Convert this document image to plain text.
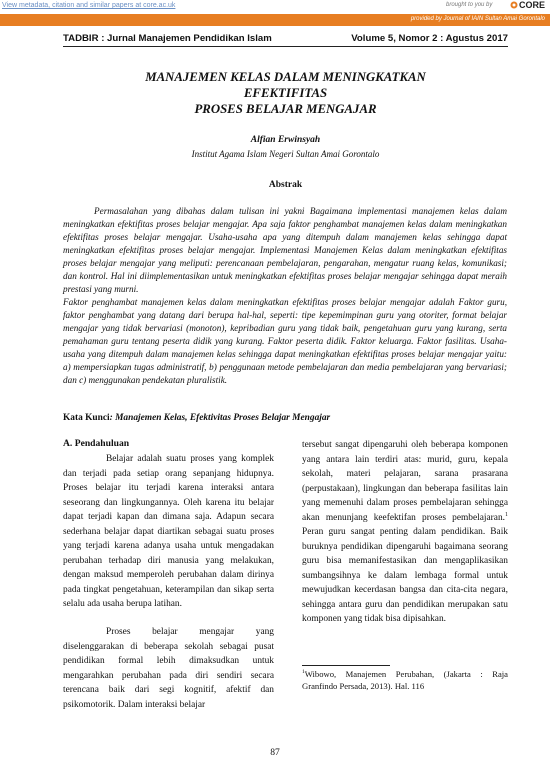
View metadata, citation and similar papers at core.ac.uk	brought to you by	CORE
provided by Journal of IAIN Sultan Amai Gorontalo
TADBIR : Jurnal Manajemen Pendidikan Islam	Volume 5, Nomor 2 : Agustus 2017
MANAJEMEN KELAS DALAM MENINGKATKAN
EFEKTIFITAS
PROSES BELAJAR MENGAJAR
Alfian Erwinsyah
Institut Agama Islam Negeri Sultan Amai Gorontalo
Abstrak

Permasalahan yang dibahas dalam tulisan ini yakni Bagaimana implementasi manajemen kelas dalam meningkatkan efektifitas proses belajar mengajar. Apa saja faktor penghambat manajemen kelas dalam meningkatkan efektifitas proses belajar mengajar. Usaha-usaha apa yang ditempuh dalam manajemen kelas sehingga dapat meningkatkan efektifitas proses belajar mengajar. Implementasi Manajemen Kelas dalam meningkatkan efektifitas proses belajar mengajar yang meliputi: perencanaan pembelajaran, pengarahan, mengatur ruang kelas, komunikasi; dan kontrol. Hal ini diimplementasikan untuk meningkatkan efektifitas proses belajar mengajar sehingga dapat meraih prestasi yang murni.

Faktor penghambat manajemen kelas dalam meningkatkan efektifitas proses belajar mengajar adalah Faktor guru, faktor penghambat yang datang dari berupa hal-hal, seperti: tipe kepemimpinan guru yang otoriter, format belajar mengajar yang tidak bervariasi (monoton), kepribadian guru yang tidak baik, pengetahuan guru yang kurang, serta pemahaman guru tentang peserta didik yang kurang. Faktor peserta didik. Faktor keluarga. Faktor fasilitas. Usaha-usaha yang ditempuh dalam manajemen kelas sehingga dapat meningkatkan efektifitas proses belajar mengajar yaitu: a) mempersiapkan tugas administratif, b) penggunaan metode pembelajaran dan media pembelajaran yang bervariasi; dan c) menggunakan pendekatan pluralistik.

Kata Kunci: Manajemen Kelas, Efektivitas Proses Belajar Mengajar
A. Pendahuluan

Belajar adalah suatu proses yang komplek dan terjadi pada setiap orang sepanjang hidupnya. Proses belajar itu terjadi karena interaksi antara seseorang dan lingkungannya. Oleh karena itu belajar dapat terjadi kapan dan dimana saja. Adapun secara sederhana belajar dapat diartikan sebagai suatu proses yang terjadi karena adanya usaha untuk mengadakan perubahan terhadap diri manusia yang melakukan, dengan maksud memperoleh perubahan dalam dirinya pada tingkat pengetahuan, keterampilan dan sikap serta selalu ada usaha berupa latihan.

Proses belajar mengajar yang diselenggarakan di beberapa sekolah sebagai pusat pendidikan formal lebih dimaksudkan untuk mengarahkan perubahan pada diri sendiri secara terencana baik dari segi kognitif, afektif dan psikomotorik. Dalam interaksi belajar

tersebut sangat dipengaruhi oleh beberapa komponen yang antara lain terdiri atas: murid, guru, kepala sekolah, materi pelajaran, sarana prasarana (perpustakaan), lingkungan dan beberapa fasilitas lain yang memenuhi dalam proses pembelajaran sehingga akan menunjang keefektifan proses pembelajaran.$^1$ Peran guru sangat penting dalam pendidikan. Baik buruknya pendidikan dipengaruhi bagaimana seorang guru bisa memanifestasikan dan mengaplikasikan sumbangsihnya ke dalam lembaga formal untuk mewujudkan kecerdasan bangsa dan cita-cita negara, sehingga antara guru dan pendidikan merupakan satu komponen yang tidak bisa dipisahkan.

$^1$Wibowo, Manajemen Perubahan, (Jakarta : Raja Granfindo Persada, 2013). Hal. 116

87
